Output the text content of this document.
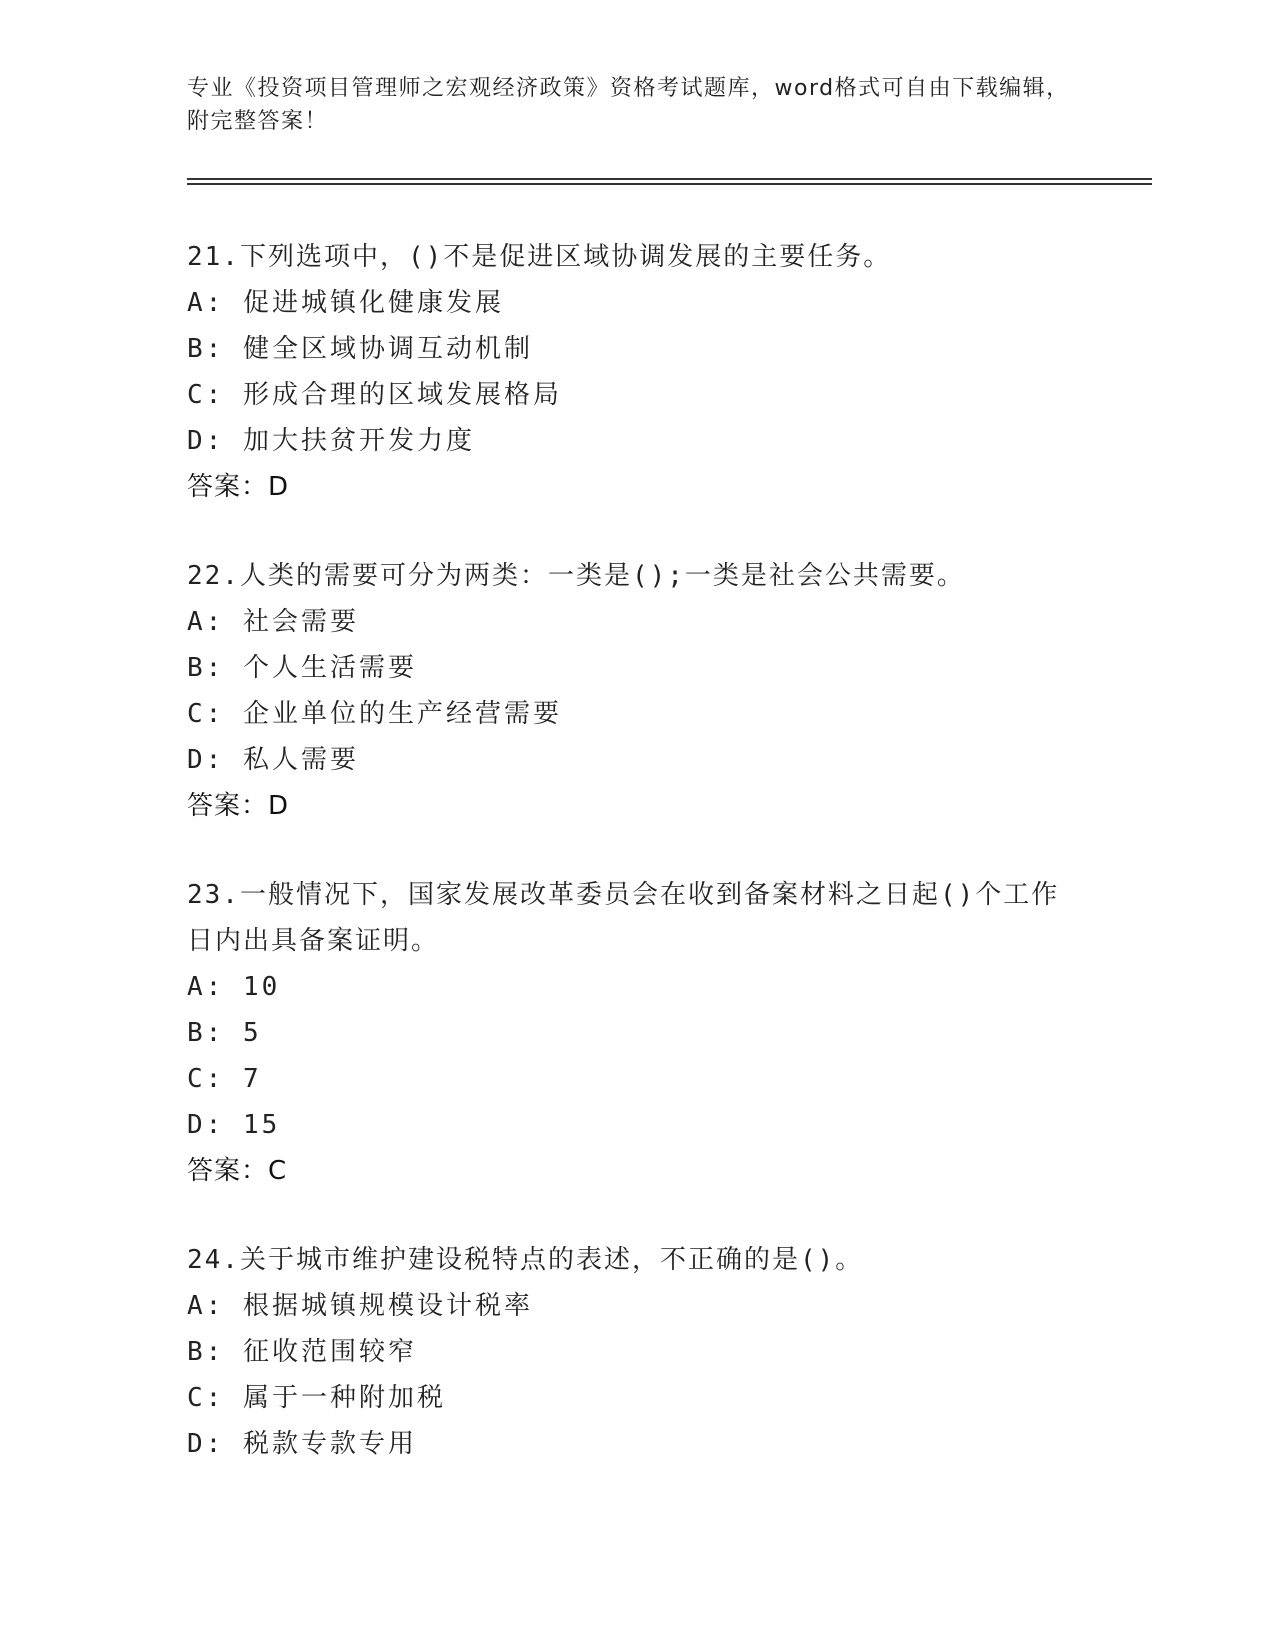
专业《投资项目管理师之宏观经济政策》资格考试题库，word格式可自由下载编辑，附完整答案！

21.下列选项中，()不是促进区域协调发展的主要任务。

A: 促进城镇化健康发展

B: 健全区域协调互动机制

C: 形成合理的区域发展格局

D: 加大扶贫开发力度

答案：D

22.人类的需要可分为两类：一类是();一类是社会公共需要。

A: 社会需要

B: 个人生活需要

C: 企业单位的生产经营需要

D: 私人需要

答案：D

23.一般情况下，国家发展改革委员会在收到备案材料之日起()个工作日内出具备案证明。

A: 10

B: 5

C: 7

D: 15

答案：C

24.关于城市维护建设税特点的表述，不正确的是()。

A: 根据城镇规模设计税率

B: 征收范围较窄

C: 属于一种附加税

D: 税款专款专用
